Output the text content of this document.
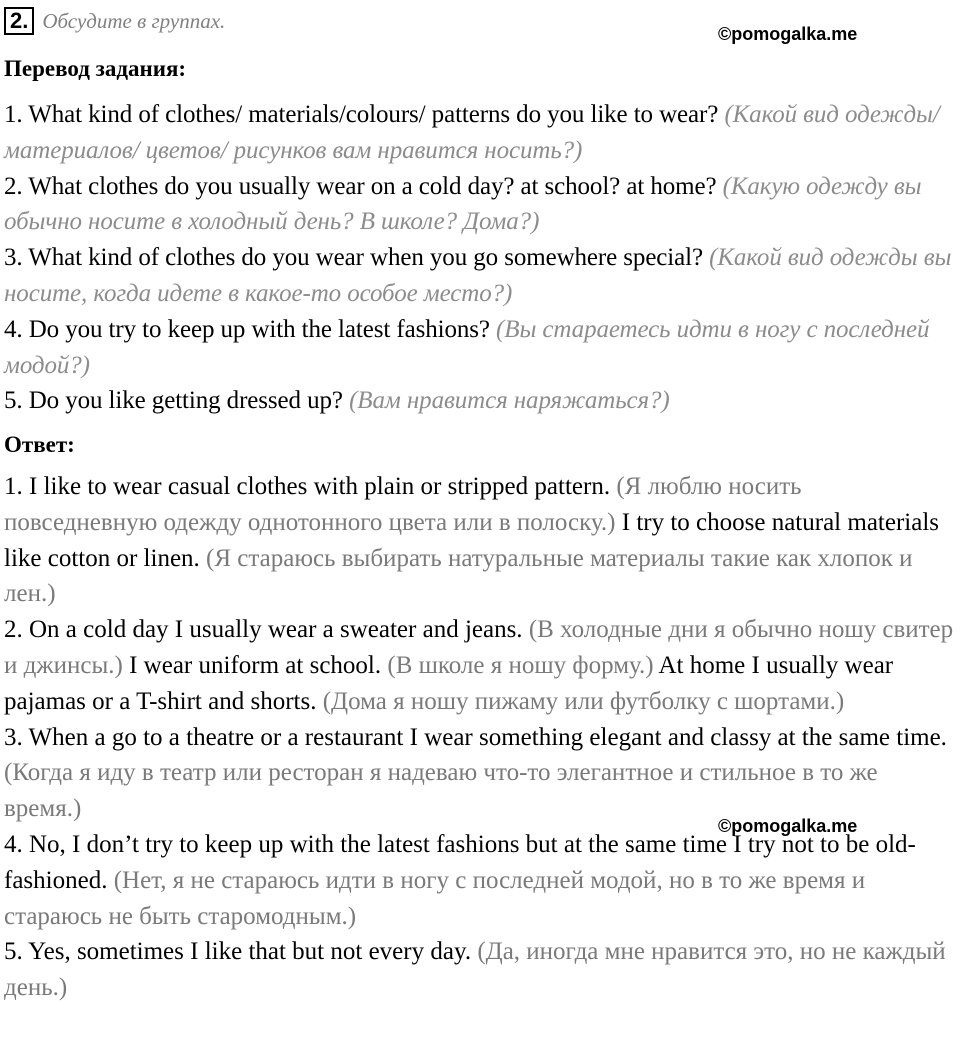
2. Обсудите в группах.
©pomogalka.me
Перевод задания:

1. What kind of clothes/ materials/colours/ patterns do you like to wear? (Какой вид одежды/ материалов/ цветов/ рисунков вам нравится носить?)

2. What clothes do you usually wear on a cold day? at school? at home? (Какую одежду вы обычно носите в холодный день? В школе? Дома?)

3. What kind of clothes do you wear when you go somewhere special? (Какой вид одежды вы носите, когда идете в какое-то особое место?)

4. Do you try to keep up with the latest fashions? (Вы стараетесь идти в ногу с последней модой?)

5. Do you like getting dressed up? (Вам нравится наряжаться?)

Ответ:

1. I like to wear casual clothes with plain or stripped pattern. (Я люблю носить повседневную одежду однотонного цвета или в полоску.) I try to choose natural materials like cotton or linen. (Я стараюсь выбирать натуральные материалы такие как хлопок и лен.)

2. On a cold day I usually wear a sweater and jeans. (В холодные дни я обычно ношу свитер и джинсы.) I wear uniform at school. (В школе я ношу форму.) At home I usually wear pajamas or a T-shirt and shorts. (Дома я ношу пижаму или футболку с шортами.)

3. When a go to a theatre or a restaurant I wear something elegant and classy at the same time. (Когда я иду в театр или ресторан я надеваю что-то элегантное и стильное в то же время.)

4. No, I don’t try to keep up with the latest fashions but at the same time I try not to be old-fashioned. (Нет, я не стараюсь идти в ногу с последней модой, но в то же время и стараюсь не быть старомодным.)

5. Yes, sometimes I like that but not every day. (Да, иногда мне нравится это, но не каждый день.)

©pomogalka.me
